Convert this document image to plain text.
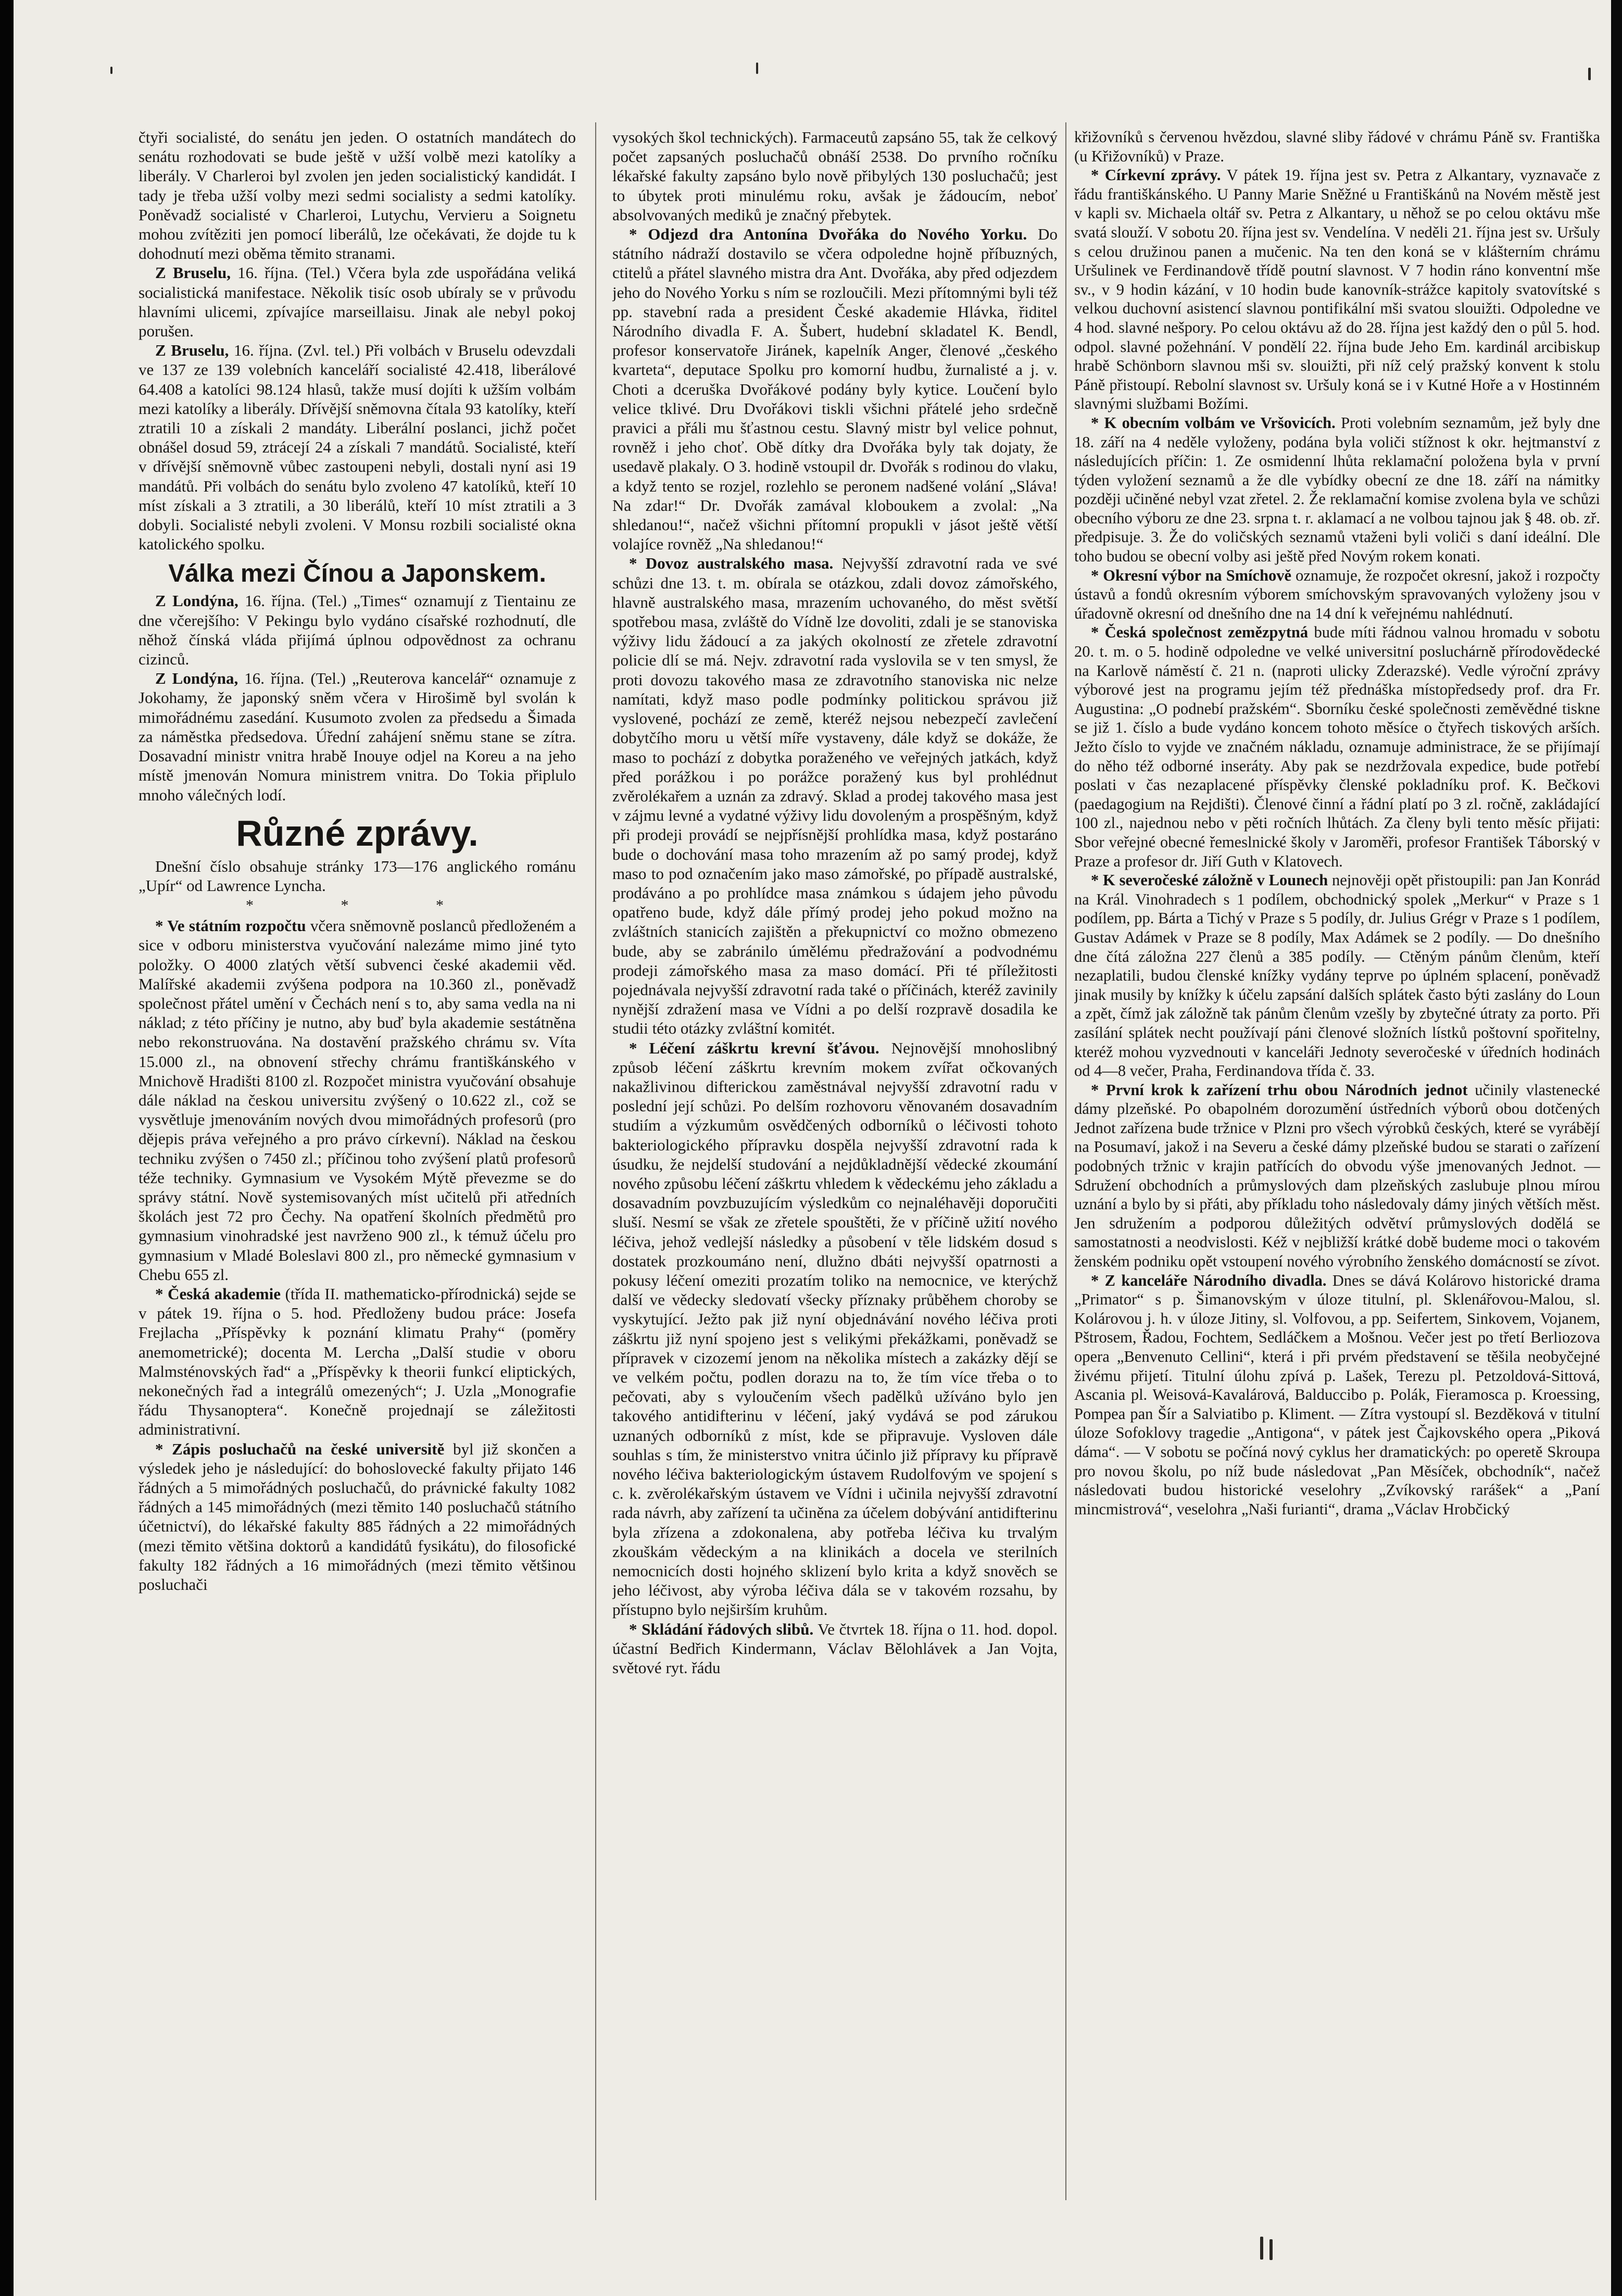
čtyři socialisté, do senátu jen jeden. O ostatních mandátech do senátu rozhodovati se bude ještě v užší volbě mezi katolíky a liberály. V Charleroi byl zvolen jen jeden socialistický kandidát. I tady je třeba užší volby mezi sedmi socialisty a sedmi katolíky. Poněvadž socialisté v Charleroi, Lutychu, Vervieru a Soignetu mohou zvítěziti jen pomocí liberálů, lze očekávati, že dojde tu k dohodnutí mezi oběma těmito stranami.

Z Bruselu, 16. října. (Tel.) Včera byla zde uspořádána veliká socialistická manifestace. Několik tisíc osob ubíraly se v průvodu hlavními ulicemi, zpívajíce marseillaisu. Jinak ale nebyl pokoj porušen.

Z Bruselu, 16. října. (Zvl. tel.) Při volbách v Bruselu odevzdali ve 137 ze 139 volebních kanceláří socialisté 42.418, liberálové 64.408 a katolíci 98.124 hlasů, takže musí dojíti k užším volbám mezi katolíky a liberály. Dřívější sněmovna čítala 93 katolíky, kteří ztratili 10 a získali 2 mandáty. Liberální poslanci, jichž počet obnášel dosud 59, ztrácejí 24 a získali 7 mandátů. Socialisté, kteří v dřívější sněmovně vůbec zastoupeni nebyli, dostali nyní asi 19 mandátů. Při volbách do senátu bylo zvoleno 47 katolíků, kteří 10 míst získali a 3 ztratili, a 30 liberálů, kteří 10 míst ztratili a 3 dobyli. Socialisté nebyli zvoleni. V Monsu rozbili socialisté okna katolického spolku.

Válka mezi Čínou a Japonskem.

Z Londýna, 16. října. (Tel.) „Times“ oznamují z Tientainu ze dne včerejšího: V Pekingu bylo vydáno císařské rozhodnutí, dle něhož čínská vláda přijímá úplnou odpovědnost za ochranu cizinců.

Z Londýna, 16. října. (Tel.) „Reuterova kancelář“ oznamuje z Jokohamy, že japonský sněm včera v Hirošimě byl svolán k mimořádnému zasedání. Kusumoto zvolen za předsedu a Šimada za náměstka předsedova. Úřední zahájení sněmu stane se zítra. Dosavadní ministr vnitra hrabě Inouye odjel na Koreu a na jeho místě jmenován Nomura ministrem vnitra. Do Tokia připlulo mnoho válečných lodí.

Různé zprávy.

Dnešní číslo obsahuje stránky 173—176 anglického románu „Upír“ od Lawrence Lyncha.

* * *

* Ve státním rozpočtu včera sněmovně poslanců předloženém a sice v odboru ministerstva vyučování nalezáme mimo jiné tyto položky. O 4000 zlatých větší subvenci české akademii věd. Malířské akademii zvýšena podpora na 10.360 zl., poněvadž společnost přátel umění v Čechách není s to, aby sama vedla na ni náklad; z této příčiny je nutno, aby buď byla akademie sestátněna nebo rekonstruována. Na dostavění pražského chrámu sv. Víta 15.000 zl., na obnovení střechy chrámu františkánského v Mnichově Hradišti 8100 zl. Rozpočet ministra vyučování obsahuje dále náklad na českou universitu zvýšený o 10.622 zl., což se vysvětluje jmenováním nových dvou mimořádných profesorů (pro dějepis práva veřejného a pro právo církevní). Náklad na českou techniku zvýšen o 7450 zl.; příčinou toho zvýšení platů profesorů téže techniky. Gymnasium ve Vysokém Mýtě převezme se do správy státní. Nově systemisovaných míst učitelů při atředních školách jest 72 pro Čechy. Na opatření školních předmětů pro gymnasium vinohradské jest navrženo 900 zl., k témuž účelu pro gymnasium v Mladé Boleslavi 800 zl., pro německé gymnasium v Chebu 655 zl.

* Česká akademie (třída II. mathematicko-přírodnická) sejde se v pátek 19. října o 5. hod. Předloženy budou práce: Josefa Frejlacha „Příspěvky k poznání klimatu Prahy“ (poměry anemometrické); docenta M. Lercha „Další studie v oboru Malmsténovských řad“ a „Příspěvky k theorii funkcí eliptických, nekonečných řad a integrálů omezených“; J. Uzla „Monografie řádu Thysanoptera“. Konečně projednají se záležitosti administrativní.

* Zápis posluchačů na české universitě byl již skončen a výsledek jeho je následující: do bohoslovecké fakulty přijato 146 řádných a 5 mimořádných posluchačů, do právnické fakulty 1082 řádných a 145 mimořádných (mezi těmito 140 posluchačů státního účetnictví), do lékařské fakulty 885 řádných a 22 mimořádných (mezi těmito většina doktorů a kandidátů fysikátu), do filosofické fakulty 182 řádných a 16 mimořádných (mezi těmito většinou posluchači

vysokých škol technických). Farmaceutů zapsáno 55, tak že celkový počet zapsaných posluchačů obnáší 2538. Do prvního ročníku lékařské fakulty zapsáno bylo nově přibylých 130 posluchačů; jest to úbytek proti minulému roku, avšak je žádoucím, neboť absolvovaných mediků je značný přebytek.

* Odjezd dra Antonína Dvořáka do Nového Yorku. Do státního nádraží dostavilo se včera odpoledne hojně příbuzných, ctitelů a přátel slavného mistra dra Ant. Dvořáka, aby před odjezdem jeho do Nového Yorku s ním se rozloučili. Mezi přítomnými byli též pp. stavební rada a president České akademie Hlávka, řiditel Národního divadla F. A. Šubert, hudební skladatel K. Bendl, profesor konservatoře Jiránek, kapelník Anger, členové „českého kvarteta“, deputace Spolku pro komorní hudbu, žurnalisté a j. v. Choti a dceruška Dvořákové podány byly kytice. Loučení bylo velice tklivé. Dru Dvořákovi tiskli všichni přátelé jeho srdečně pravici a přáli mu šťastnou cestu. Slavný mistr byl velice pohnut, rovněž i jeho choť. Obě dítky dra Dvořáka byly tak dojaty, že usedavě plakaly. O 3. hodině vstoupil dr. Dvořák s rodinou do vlaku, a když tento se rozjel, rozlehlo se peronem nadšené volání „Sláva! Na zdar!“ Dr. Dvořák zamával kloboukem a zvolal: „Na shledanou!“, načež všichni přítomní propukli v jásot ještě větší volajíce rovněž „Na shledanou!“

* Dovoz australského masa. Nejvyšší zdravotní rada ve své schůzi dne 13. t. m. obírala se otázkou, zdali dovoz zámořského, hlavně australského masa, mrazením uchovaného, do měst světší spotřebou masa, zvláště do Vídně lze dovoliti, zdali je se stanoviska výživy lidu žádoucí a za jakých okolností ze zřetele zdravotní policie dlí se má. Nejv. zdravotní rada vyslovila se v ten smysl, že proti dovozu takového masa ze zdravotního stanoviska nic nelze namítati, když maso podle podmínky politickou správou již vyslovené, pochází ze země, kteréž nejsou nebezpečí zavlečení dobytčího moru u větší míře vystaveny, dále když se dokáže, že maso to pochází z dobytka poraženého ve veřejných jatkách, když před porážkou i po porážce poražený kus byl prohlédnut zvěrolékařem a uznán za zdravý. Sklad a prodej takového masa jest v zájmu levné a vydatné výživy lidu dovoleným a prospěšným, když při prodeji provádí se nejpřísnější prohlídka masa, když postaráno bude o dochování masa toho mrazením až po samý prodej, když maso to pod označením jako maso zámořské, po případě australské, prodáváno a po prohlídce masa známkou s údajem jeho původu opatřeno bude, když dále přímý prodej jeho pokud možno na zvláštních stanicích zajištěn a překupnictví co možno obmezeno bude, aby se zabránilo úmělému předražování a podvodnému prodeji zámořského masa za maso domácí. Při té příležitosti pojednávala nejvyšší zdravotní rada také o příčinách, kteréž zavinily nynější zdražení masa ve Vídni a po delší rozpravě dosadila ke studii této otázky zvláštní komitét.

* Léčení záškrtu krevní šťávou. Nejnovější mnohoslibný způsob léčení záškrtu krevním mokem zvířat očkovaných nakažlivinou difterickou zaměstnával nejvyšší zdravotní radu v poslední její schůzi. Po delším rozhovoru věnovaném dosavadním studiím a výzkumům osvědčených odborníků o léčivosti tohoto bakteriologického přípravku dospěla nejvyšší zdravotní rada k úsudku, že nejdelší studování a nejdůkladnější vědecké zkoumání nového způsobu léčení záškrtu vhledem k vědeckému jeho základu a dosavadním povzbuzujícím výsledkům co nejnaléhavěji doporučiti sluší. Nesmí se však ze zřetele spouštěti, že v příčině užití nového léčiva, jehož vedlejší následky a působení v těle lidském dosud s dostatek prozkoumáno není, dlužno dbáti nejvyšší opatrnosti a pokusy léčení omeziti prozatím toliko na nemocnice, ve kterýchž další ve vědecky sledovatí všecky příznaky průběhem choroby se vyskytující. Ježto pak již nyní objednávání nového léčiva proti záškrtu již nyní spojeno jest s velikými překážkami, poněvadž se přípravek v cizozemí jenom na několika místech a zakázky dějí se ve velkém počtu, podlen dorazu na to, že tím více třeba o to pečovati, aby s vyloučením všech padělků užíváno bylo jen takového antidifterinu v léčení, jaký vydává se pod zárukou uznaných odborníků z míst, kde se připravuje. Vysloven dále souhlas s tím, že ministerstvo vnitra účinlo již přípravy ku přípravě nového léčiva bakteriologickým ústavem Rudolfovým ve spojení s c. k. zvěrolékařským ústavem ve Vídni i učinila nejvyšší zdravotní rada návrh, aby zařízení ta učiněna za účelem dobývání antidifterinu byla zřízena a zdokonalena, aby potřeba léčiva ku trvalým zkouškám vědeckým a na klinikách a docela ve sterilních nemocnicích dosti hojného sklizení bylo krita a když snověch se jeho léčivost, aby výroba léčiva dála se v takovém rozsahu, by přístupno bylo nejširším kruhům.

* Skládání řádových slibů. Ve čtvrtek 18. října o 11. hod. dopol. účastní Bedřich Kindermann, Václav Bělohlávek a Jan Vojta, světové ryt. řádu

křižovníků s červenou hvězdou, slavné sliby řádové v chrámu Páně sv. Františka (u Křižovníků) v Praze.

* Církevní zprávy. V pátek 19. října jest sv. Petra z Alkantary, vyznavače z řádu františkánského. U Panny Marie Sněžné u Františkánů na Novém městě jest v kapli sv. Michaela oltář sv. Petra z Alkantary, u něhož se po celou oktávu mše svatá slouží. V sobotu 20. října jest sv. Vendelína. V neděli 21. října jest sv. Uršuly s celou družinou panen a mučenic. Na ten den koná se v klášterním chrámu Uršulinek ve Ferdinandově třídě poutní slavnost. V 7 hodin ráno konventní mše sv., v 9 hodin kázání, v 10 hodin bude kanovník-strážce kapitoly svatovítské s velkou duchovní asistencí slavnou pontifikální mši svatou slouižti. Odpoledne ve 4 hod. slavné nešpory. Po celou oktávu až do 28. října jest každý den o půl 5. hod. odpol. slavné požehnání. V pondělí 22. října bude Jeho Em. kardinál arcibiskup hrabě Schönborn slavnou mši sv. slouižti, při níž celý pražský konvent k stolu Páně přistoupí. Rebolní slavnost sv. Uršuly koná se i v Kutné Hoře a v Hostinném slavnými službami Božími.

* K obecním volbám ve Vršovicích. Proti volebním seznamům, jež byly dne 18. září na 4 neděle vyloženy, podána byla voliči stížnost k okr. hejtmanství z následujících příčin: 1. Ze osmidenní lhůta reklamační položena byla v první týden vyložení seznamů a že dle vybídky obecní ze dne 18. září na námitky později učiněné nebyl vzat zřetel. 2. Že reklamační komise zvolena byla ve schůzi obecního výboru ze dne 23. srpna t. r. aklamací a ne volbou tajnou jak § 48. ob. zř. předpisuje. 3. Že do voličských seznamů vtaženi byli voliči s daní ideální. Dle toho budou se obecní volby asi ještě před Novým rokem konati.

* Okresní výbor na Smíchově oznamuje, že rozpočet okresní, jakož i rozpočty ústavů a fondů okresním výborem smíchovským spravovaných vyloženy jsou v úřadovně okresní od dnešního dne na 14 dní k veřejnému nahlédnutí.

* Česká společnost zemězpytná bude míti řádnou valnou hromadu v sobotu 20. t. m. o 5. hodině odpoledne ve velké universitní posluchárně přírodovědecké na Karlově náměstí č. 21 n. (naproti ulicky Zderazské). Vedle výroční zprávy výborové jest na programu jejím též přednáška místopředsedy prof. dra Fr. Augustina: „O podnebí pražském“. Sborníku české společnosti zeměvědné tiskne se již 1. číslo a bude vydáno koncem tohoto měsíce o čtyřech tiskových arších. Ježto číslo to vyjde ve značném nákladu, oznamuje administrace, že se přijímají do něho též odborné inseráty. Aby pak se nezdržovala expedice, bude potřebí poslati v čas nezaplacené příspěvky členské pokladníku prof. K. Bečkovi (paedagogium na Rejdišti). Členové činní a řádní platí po 3 zl. ročně, zakládající 100 zl., najednou nebo v pěti ročních lhůtách. Za členy byli tento měsíc přijati: Sbor veřejné obecné řemeslnické školy v Jaroměři, profesor František Táborský v Praze a profesor dr. Jiří Guth v Klatovech.

* K severočeské záložně v Lounech nejnověji opět přistoupili: pan Jan Konrád na Král. Vinohradech s 1 podílem, obchodnický spolek „Merkur“ v Praze s 1 podílem, pp. Bárta a Tichý v Praze s 5 podíly, dr. Julius Grégr v Praze s 1 podílem, Gustav Adámek v Praze se 8 podíly, Max Adámek se 2 podíly. — Do dnešního dne čítá záložna 227 členů a 385 podíly. — Ctěným pánům členům, kteří nezaplatili, budou členské knížky vydány teprve po úplném splacení, poněvadž jinak musily by knížky k účelu zapsání dalších splátek často býti zaslány do Loun a zpět, čímž jak záložně tak pánům členům vzešly by zbytečné útraty za porto. Při zasílání splátek necht používají páni členové složních lístků poštovní spořitelny, kteréž mohou vyzvednouti v kanceláři Jednoty severočeské v úředních hodinách od 4—8 večer, Praha, Ferdinandova třída č. 33.

* První krok k zařízení trhu obou Národních jednot učinily vlastenecké dámy plzeňské. Po obapolném dorozumění ústředních výborů obou dotčených Jednot zařízena bude tržnice v Plzni pro všech výrobků českých, které se vyrábějí na Posumaví, jakož i na Severu a české dámy plzeňské budou se starati o zařízení podobných tržnic v krajin patřících do obvodu výše jmenovaných Jednot. — Sdružení obchodních a průmyslových dam plzeňských zaslubuje plnou mírou uznání a bylo by si přáti, aby příkladu toho následovaly dámy jiných větších měst. Jen sdružením a podporou důležitých odvětví průmyslových dodělá se samostatnosti a neodvislosti. Kéž v nejbližší krátké době budeme moci o takovém ženském podniku opět vstoupení nového výrobního ženského domácností se zívot.

* Z kanceláře Národního divadla. Dnes se dává Kolárovo historické drama „Primator“ s p. Šimanovským v úloze titulní, pl. Sklenářovou-Malou, sl. Kolárovou j. h. v úloze Jitiny, sl. Volfovou, a pp. Seifertem, Sinkovem, Vojanem, Pštrosem, Řadou, Fochtem, Sedláčkem a Mošnou. Večer jest po třetí Berliozova opera „Benvenuto Cellini“, která i při prvém představení se těšila neobyčejné živému přijetí. Titulní úlohu zpívá p. Lašek, Terezu pl. Petzoldová-Sittová, Ascania pl. Weisová-Kavalárová, Balduccibo p. Polák, Fieramosca p. Kroessing, Pompea pan Šír a Salviatibo p. Kliment. — Zítra vystoupí sl. Bezděková v titulní úloze Sofoklovy tragedie „Antigona“, v pátek jest Čajkovského opera „Piková dáma“. — V sobotu se počíná nový cyklus her dramatických: po operetě Skroupa pro novou školu, po níž bude následovat „Pan Měsíček, obchodník“, načež následovati budou historické veselohry „Zvíkovský rarášek“ a „Paní mincmistrová“, veselohra „Naši furianti“, drama „Václav Hrobčický
